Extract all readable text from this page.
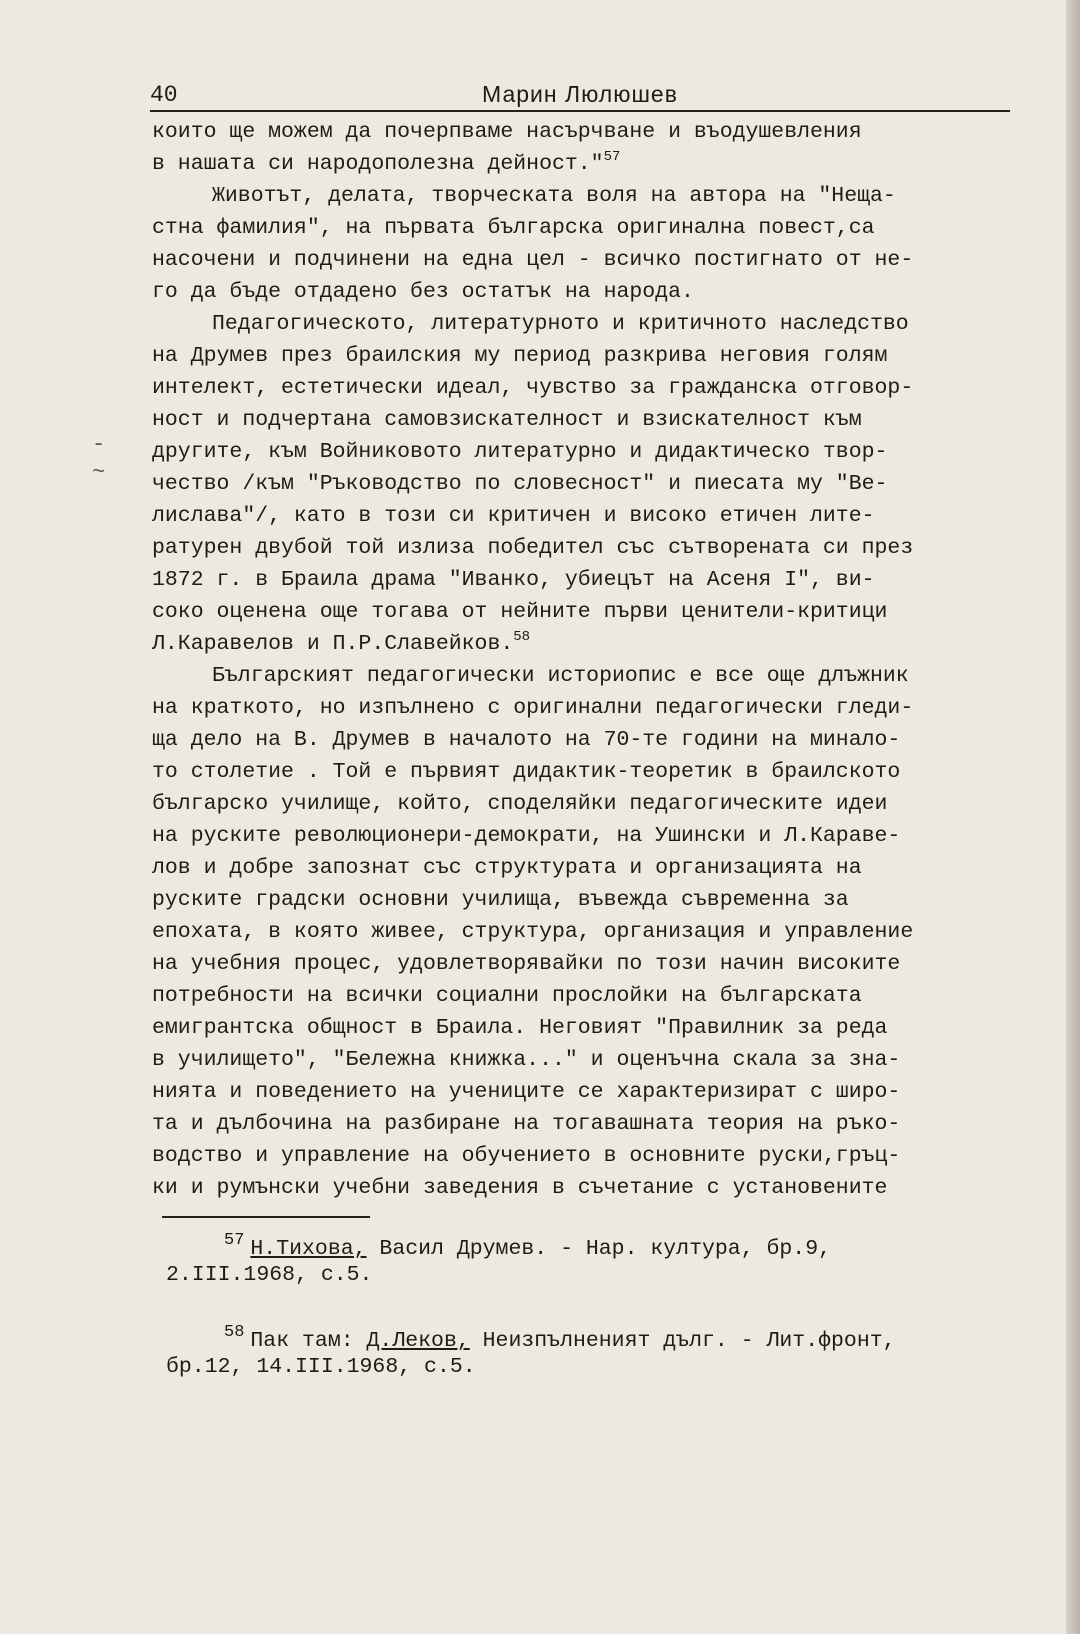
40	Марин Люлюшев
-
~
които ще можем да почерпваме насърчване и въодушевления
в нашата си народополезна дейност."$^{57}$
Животът, делата, творческата воля на автора на "Неща-
стна фамилия", на първата българска оригинална повест,са
насочени и подчинени на една цел - всичко постигнато от не-
го да бъде отдадено без остатък на народа.
Педагогическото, литературното и критичното наследство
на Друмев през браилския му период разкрива неговия голям
интелект, естетически идеал, чувство за гражданска отговор-
ност и подчертана самовзискателност и взискателност към
другите, към Войниковото литературно и дидактическо твор-
чество /към "Ръководство по словесност" и пиесата му "Ве-
лислава"/, като в този си критичен и високо етичен лите-
ратурен двубой той излиза победител със сътворената си през
1872 г. в Браила драма "Иванко, убиецът на Асеня I", ви-
соко оценена още тогава от нейните първи ценители-критици
Л.Каравелов и П.Р.Славейков.$^{58}$
Българският педагогически историопис е все още длъжник
на краткото, но изпълнено с оригинални педагогически гледи-
ща дело на В. Друмев в началото на 70-те години на минало-
то столетие . Той е първият дидактик-теоретик в браилското
българско училище, който, споделяйки педагогическите идеи
на руските революционери-демократи, на Ушински и Л.Караве-
лов и добре запознат със структурата и организацията на
руските градски основни училища, въвежда съвременна за
епохата, в която живее, структура, организация и управление
на учебния процес, удовлетворявайки по този начин високите
потребности на всички социални прослойки на българската
емигрантска общност в Браила. Неговият "Правилник за реда
в училището", "Бележна книжка..." и оценъчна скала за зна-
нията и поведението на учениците се характеризират с широ-
та и дълбочина на разбиране на тогавашната теория на ръко-
водство и управление на обучението в основните руски,гръц-
ки и румънски учебни заведения в съчетание с установените
$^{57}$ Н.Тихова, Васил Друмев. - Нар. култура, бр.9,
2.III.1968, с.5.
$^{58}$ Пак там: Д.Леков, Неизпълненият дълг. - Лит.фронт,
бр.12, 14.III.1968, с.5.
